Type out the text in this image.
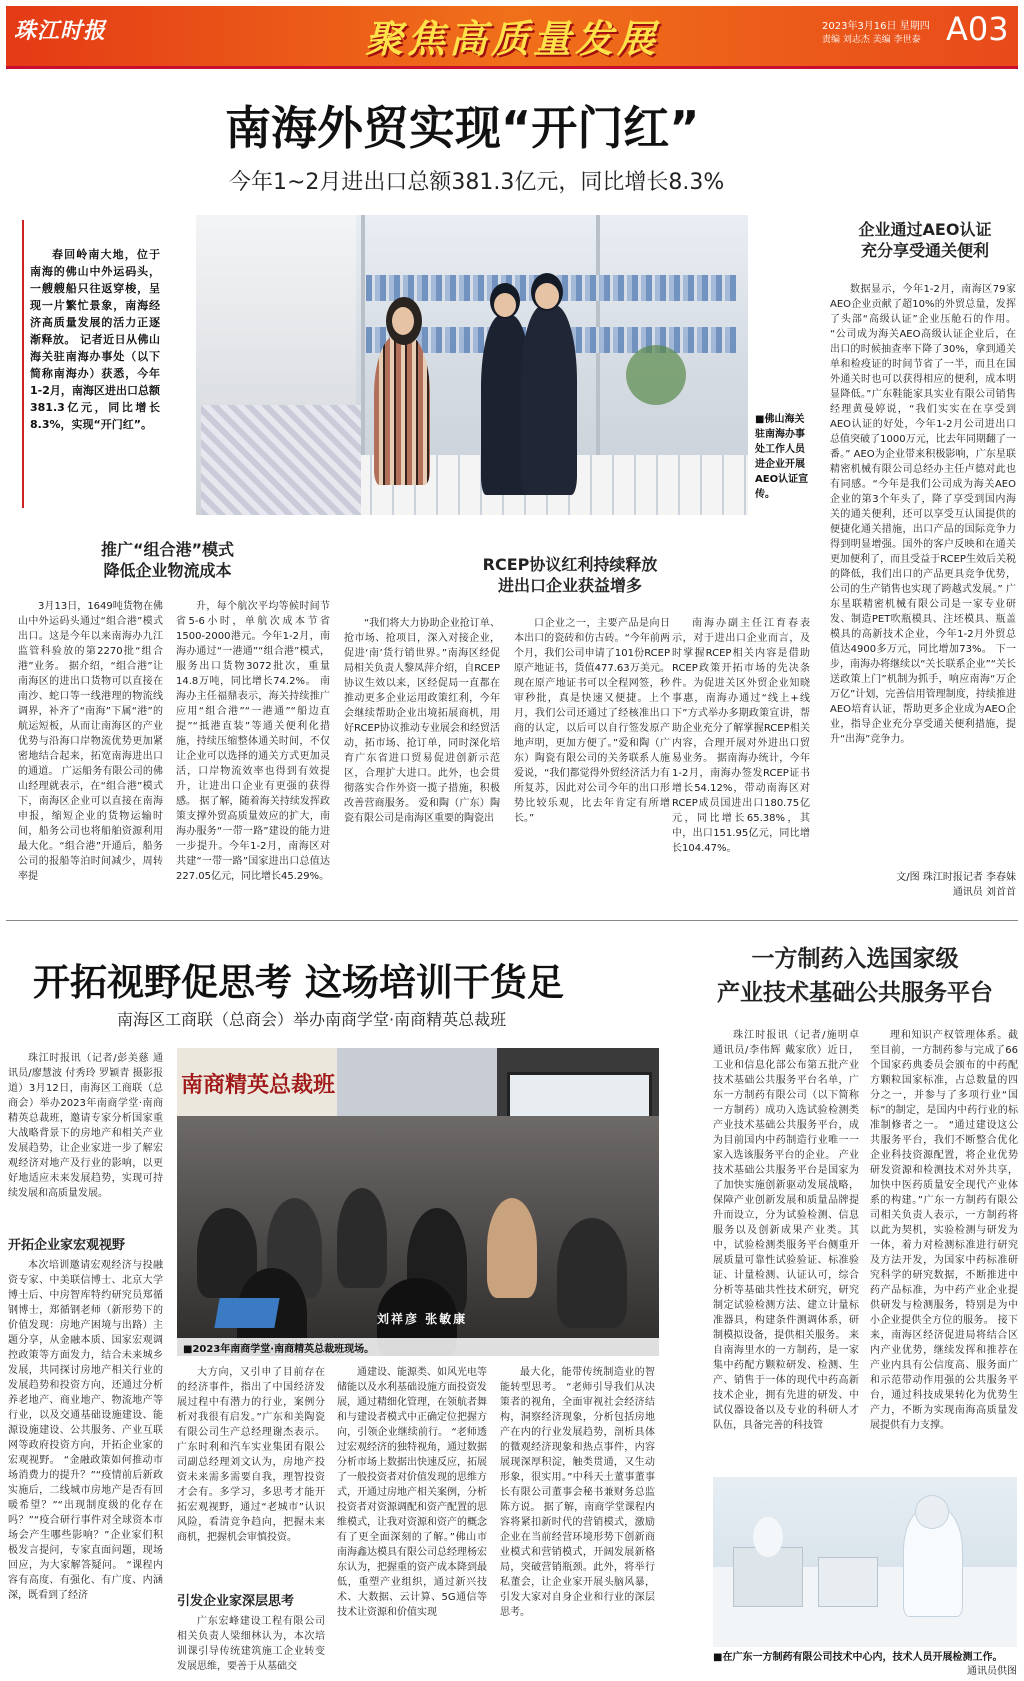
珠江时报	聚焦高质量发展	2023年3月16日 星期四
责编 刘志杰 美编 李世泰 A03
南海外贸实现“开门红”
今年1~2月进出口总额381.3亿元，同比增长8.3%
春回岭南大地，位于南海的佛山中外运码头，一艘艘船只往返穿梭，呈现一片繁忙景象，南海经济高质量发展的活力正逐渐释放。 记者近日从佛山海关驻南海办事处（以下简称南海办）获悉，今年1-2月，南海区进出口总额381.3亿元，同比增长8.3%，实现“开门红”。	■佛山海关驻南海办事处工作人员进企业开展AEO认证宣传。
推广“组合港”模式
降低企业物流成本
3月13日，1649吨货物在佛山中外运码头通过“组合港”模式出口。这是今年以来南海办九江监管科验放的第2270批“组合港”业务。 据介绍，“组合港”让南海区的进出口货物可以直接在南沙、蛇口等一线港理的物流线调界，补齐了“南海”下属“港”的航运短板，从而让南海区的产业优势与沿海口岸物流优势更加紧密地结合起来，拓宽南海进出口的通道。 广运船务有限公司的佛山经理就表示，在“组合港”模式下，南海区企业可以直接在南海申报，缩短企业的货物运输时间，船务公司也将船舶资源利用最大化。“组合港”开通后，船务公司的报船等泊时间减少，周转率提
升，每个航次平均等候时间节省5-6小时，单航次成本节省1500-2000港元。今年1-2月，南海办通过“一港通”“组合港”模式，服务出口货物3072批次，重量14.8万吨，同比增长74.2%。 南海办主任福鼎表示，海关持续推广应用“组合港”“一港通”“船边直提”“抵港直装”等通关便利化措施，持续压缩整体通关时间，不仅让企业可以选择的通关方式更加灵活，口岸物流效率也得到有效提升，让进出口企业有更强的获得感。 据了解，随着海关持续发挥政策支撑外贸高质量效应的扩大，南海办服务“一带一路”建设的能力进一步提升。今年1-2月，南海区对共建“一带一路”国家进出口总值达227.05亿元，同比增长45.29%。
RCEP协议红利持续释放
进出口企业获益增多
“我们将大力协助企业抢订单、抢市场、抢项目，深入对接企业，促进‘南’货行销世界。”南海区经促局相关负责人黎凤萍介绍，自RCEP协议生效以来，区经促局一直都在推动更多企业运用政策红利，今年会继续帮助企业出境拓展商机，用好RCEP协议推动专业展会和经贸活动，拓市场、抢订单，同时深化培育广东省进口贸易促进创新示范区，合理扩大进口。此外，也会贯彻落实合作外资一揽子措施，积极改善营商服务。 爱和陶（广东）陶瓷有限公司是南海区重要的陶瓷出
口企业之一，主要产品是向日本出口的瓷砖和仿古砖。“今年前两个月，我们公司申请了101份RCEP原产地证书，货值477.63万美元。现在原产地证书可以全程网签，秒审秒批，真是快速又便捷。上个月，我们公司还通过了经核准出口商的认定，以后可以自行签发原产地声明，更加方便了。”爱和陶（广东）陶瓷有限公司的关务联系人施爱说，“我们都觉得外贸经济活力有所复苏，因此对公司今年的出口形势比较乐观，比去年肯定有所增长。”
南海办副主任江育春表示，对于进出口企业而言，及时掌握RCEP相关内容是借助RCEP政策开拓市场的先决条件。为促进关区外贸企业知晓事惠，南海办通过“线上+线下”方式举办多期政策宣讲，帮助企业充分了解掌握RCEP相关内容，合理开展对外进出口贸易业务。 据南海办统计，今年1-2月，南海办签发RCEP证书增长54.12%，带动南海区对RCEP成员国进出口180.75亿元，同比增长65.38%，其中，出口151.95亿元，同比增长104.47%。
企业通过AEO认证
充分享受通关便利
数据显示，今年1-2月，南海区79家AEO企业贡献了超10%的外贸总量，发挥了头部“高级认证”企业压舱石的作用。 “公司成为海关AEO高级认证企业后，在出口的时候抽查率下降了30%，拿到通关单和检疫证的时间节省了一半，而且在国外通关时也可以获得相应的便利，成本明显降低。”广东鞋能家具实业有限公司销售经理黄曼婷说，“我们实实在在享受到AEO认证的好处，今年1-2月公司进出口总值突破了1000万元，比去年同期翻了一番。” AEO为企业带来积极影响，广东星联精密机械有限公司总经办主任卢德对此也有同感。“今年是我们公司成为海关AEO企业的第3个年头了，降了享受到国内海关的通关便利，还可以享受互认国提供的便捷化通关措施，出口产品的国际竞争力得到明显增强。国外的客户反映和在通关更加便利了，而且受益于RCEP生效后关税的降低，我们出口的产品更具竞争优势，公司的生产销售也实现了跨越式发展。” 广东星联精密机械有限公司是一家专业研发、制造PET吹瓶模具、注坯模具、瓶盖模具的高新技术企业，今年1-2月外贸总值达4900多万元，同比增加73%。 下一步，南海办将继续以“关长联系企业”“关长送政策上门”机制为抓手，响应南海“万企万亿”计划，完善信用管理制度，持续推进AEO培育认证，帮助更多企业成为AEO企业，指导企业充分享受通关便利措施，提升“出海”竞争力。
文/图 珠江时报记者 李春妹
通讯员 刘首首
开拓视野促思考 这场培训干货足
南海区工商联（总商会）举办南商学堂·南商精英总裁班
珠江时报讯（记者/彭美慈 通讯员/廖慧波 付秀玲 罗颖青 摄影报道）3月12日，南海区工商联（总商会）举办2023年南商学堂·南商精英总裁班，邀请专家分析国家重大战略背景下的房地产和相关产业发展趋势，让企业家进一步了解宏观经济对地产及行业的影响，以更好地适应未来发展趋势，实现可持续发展和高质量发展。
开拓企业家宏观视野
本次培训邀请宏观经济与投融资专家、中美联信博士、北京大学博士后、中房智库特约研究员郑循钢博士，郑循钢老师（新形势下的价值发现：房地产困境与出路）主题分享，从金融本质、国家宏观调控政策等方面发力，结合未来城乡发展，共同探讨房地产相关行业的发展趋势和投资方向，还通过分析养老地产、商业地产、物流地产等行业，以及交通基础设施建设、能源设施建设、公共服务、产业互联网等政府投资方向，开拓企业家的宏观视野。 “金融政策如何推动市场消费力的提升？”“疫情前后新政实施后，二线城市房地产是否有回暖希望？”“出现制度级的化存在吗？”“疫合研行事件对全球资本市场会产生哪些影响？”企业家们积极发言提问，专家直面问题，现场回应，为大家解答疑问。 “课程内容有高度、有强化、有广度、内涵深，既看到了经济
南商精英总裁班
刘祥彦 张敏康
■2023年南商学堂·南商精英总裁班现场。
大方向，又引申了目前存在的经济事件，指出了中国经济发展过程中有潜力的行业，案例分析对我很有启发。”广东和美陶瓷有限公司生产总经理谢杰表示。 广东时利和汽车实业集团有限公司副总经理刘文认为，房地产投资未来需多需要自我，理智投资才会有。多学习，多思考才能开拓宏观视野，通过“老城市”认识风险，看清竞争趋向，把握未来商机，把握机会审慎投资。
引发企业家深层思考
广东宏峰建设工程有限公司相关负责人梁细林认为，本次培训课引导传统建筑施工企业转变发展思维，要善于从基础交
通建设、能源类、如风光电等储能以及水利基础设施方面投资发展，通过精细化管理，在领航者舞和与建设者模式中正确定位把握方向，引领企业继续前行。 “老师透过宏观经济的独特视角，通过数据分析市场上数据出快速反应，拓展了一般投资者对价值发现的思维方式，开通过房地产相关案例，分析投资者对资源调配和资产配置的思维模式，让我对资源和资产的概念有了更全面深刻的了解。”佛山市南海鑫达模具有限公司总经理杨宏东认为，把握重的资产成本降到最低，重塑产业组织，通过新兴技术、大数据、云计算、5G通信等技术让资源和价值实现
最大化，能带传统制造业的智能转型思考。 “老师引导我们从决策者的视角，全面审视社会经济结构，洞察经济现象，分析包括房地产在内的行业发展趋势，剖析具体的微观经济现象和热点事件，内容展现深厚积淀，触类贯通，又生动形象，很实用。”中科天土董事董事长有限公司董事会秘书兼财务总监陈方说。 据了解，南商学堂课程内容将紧扣新时代的营销模式，激励企业在当前经营环境形势下创新商业模式和营销模式，开阔发展新格局，突破营销瓶颈。此外，将举行私董会，让企业家开展头脑风暴，引发大家对自身企业和行业的深层思考。
一方制药入选国家级
产业技术基础公共服务平台
珠江时报讯（记者/施明卓 通讯员/李伟辉 戴家欣）近日，工业和信息化部公布第五批产业技术基础公共服务平台名单，广东一方制药有限公司（以下简称一方制药）成功入选试验检测类产业技术基础公共服务平台，成为目前国内中药制造行业唯一一家入选该服务平台的企业。 产业技术基础公共服务平台是国家为了加快实施创新驱动发展战略，保障产业创新发展和质量品牌提升而设立，分为试验检测、信息服务以及创新成果产业类。其中，试验检测类服务平台侧重开展质量可靠性试验验证、标准验证、计量检测、认证认可，综合分析等基础共性技术研究，研究制定试验检测方法、建立计量标准器具，构建条件测调体系，研制模拟设备，提供相关服务。 来自南海里水的一方制药，是一家集中药配方颗粒研发、检测、生产、销售于一体的现代中药高新技术企业，拥有先进的研发、中试仪器设备以及专业的科研人才队伍，具备完善的科技管
理和知识产权管理体系。截至目前，一方制药参与完成了66个国家药典委员会颁布的中药配方颗粒国家标准，占总数量的四分之一，并参与了多项行业“国标”的制定，是国内中药行业的标准制修者之一。 “通过建设这公共服务平台，我们不断整合优化企业科技资源配置，将企业优势研发资源和检测技术对外共享，加快中医药质量安全现代产业体系的构建。”广东一方制药有限公司相关负责人表示，一方制药将以此为契机，实验检测与研发为一体，着力对检测标准进行研究及方法开发，为国家中药标准研究科学的研究数据，不断推进中药产品标准，为中药产业企业提供研发与检测服务，特别是为中小企业提供全方位的服务。 接下来，南海区经济促进局将结合区内产业优势，继续发挥和推荐在产业内具有公信度高、服务面广和示范带动作用强的公共服务平台，通过科技成果转化为优势生产力，不断为实现南海高质量发展提供有力支撑。
■在广东一方制药有限公司技术中心内，技术人员开展检测工作。
通讯员供图
